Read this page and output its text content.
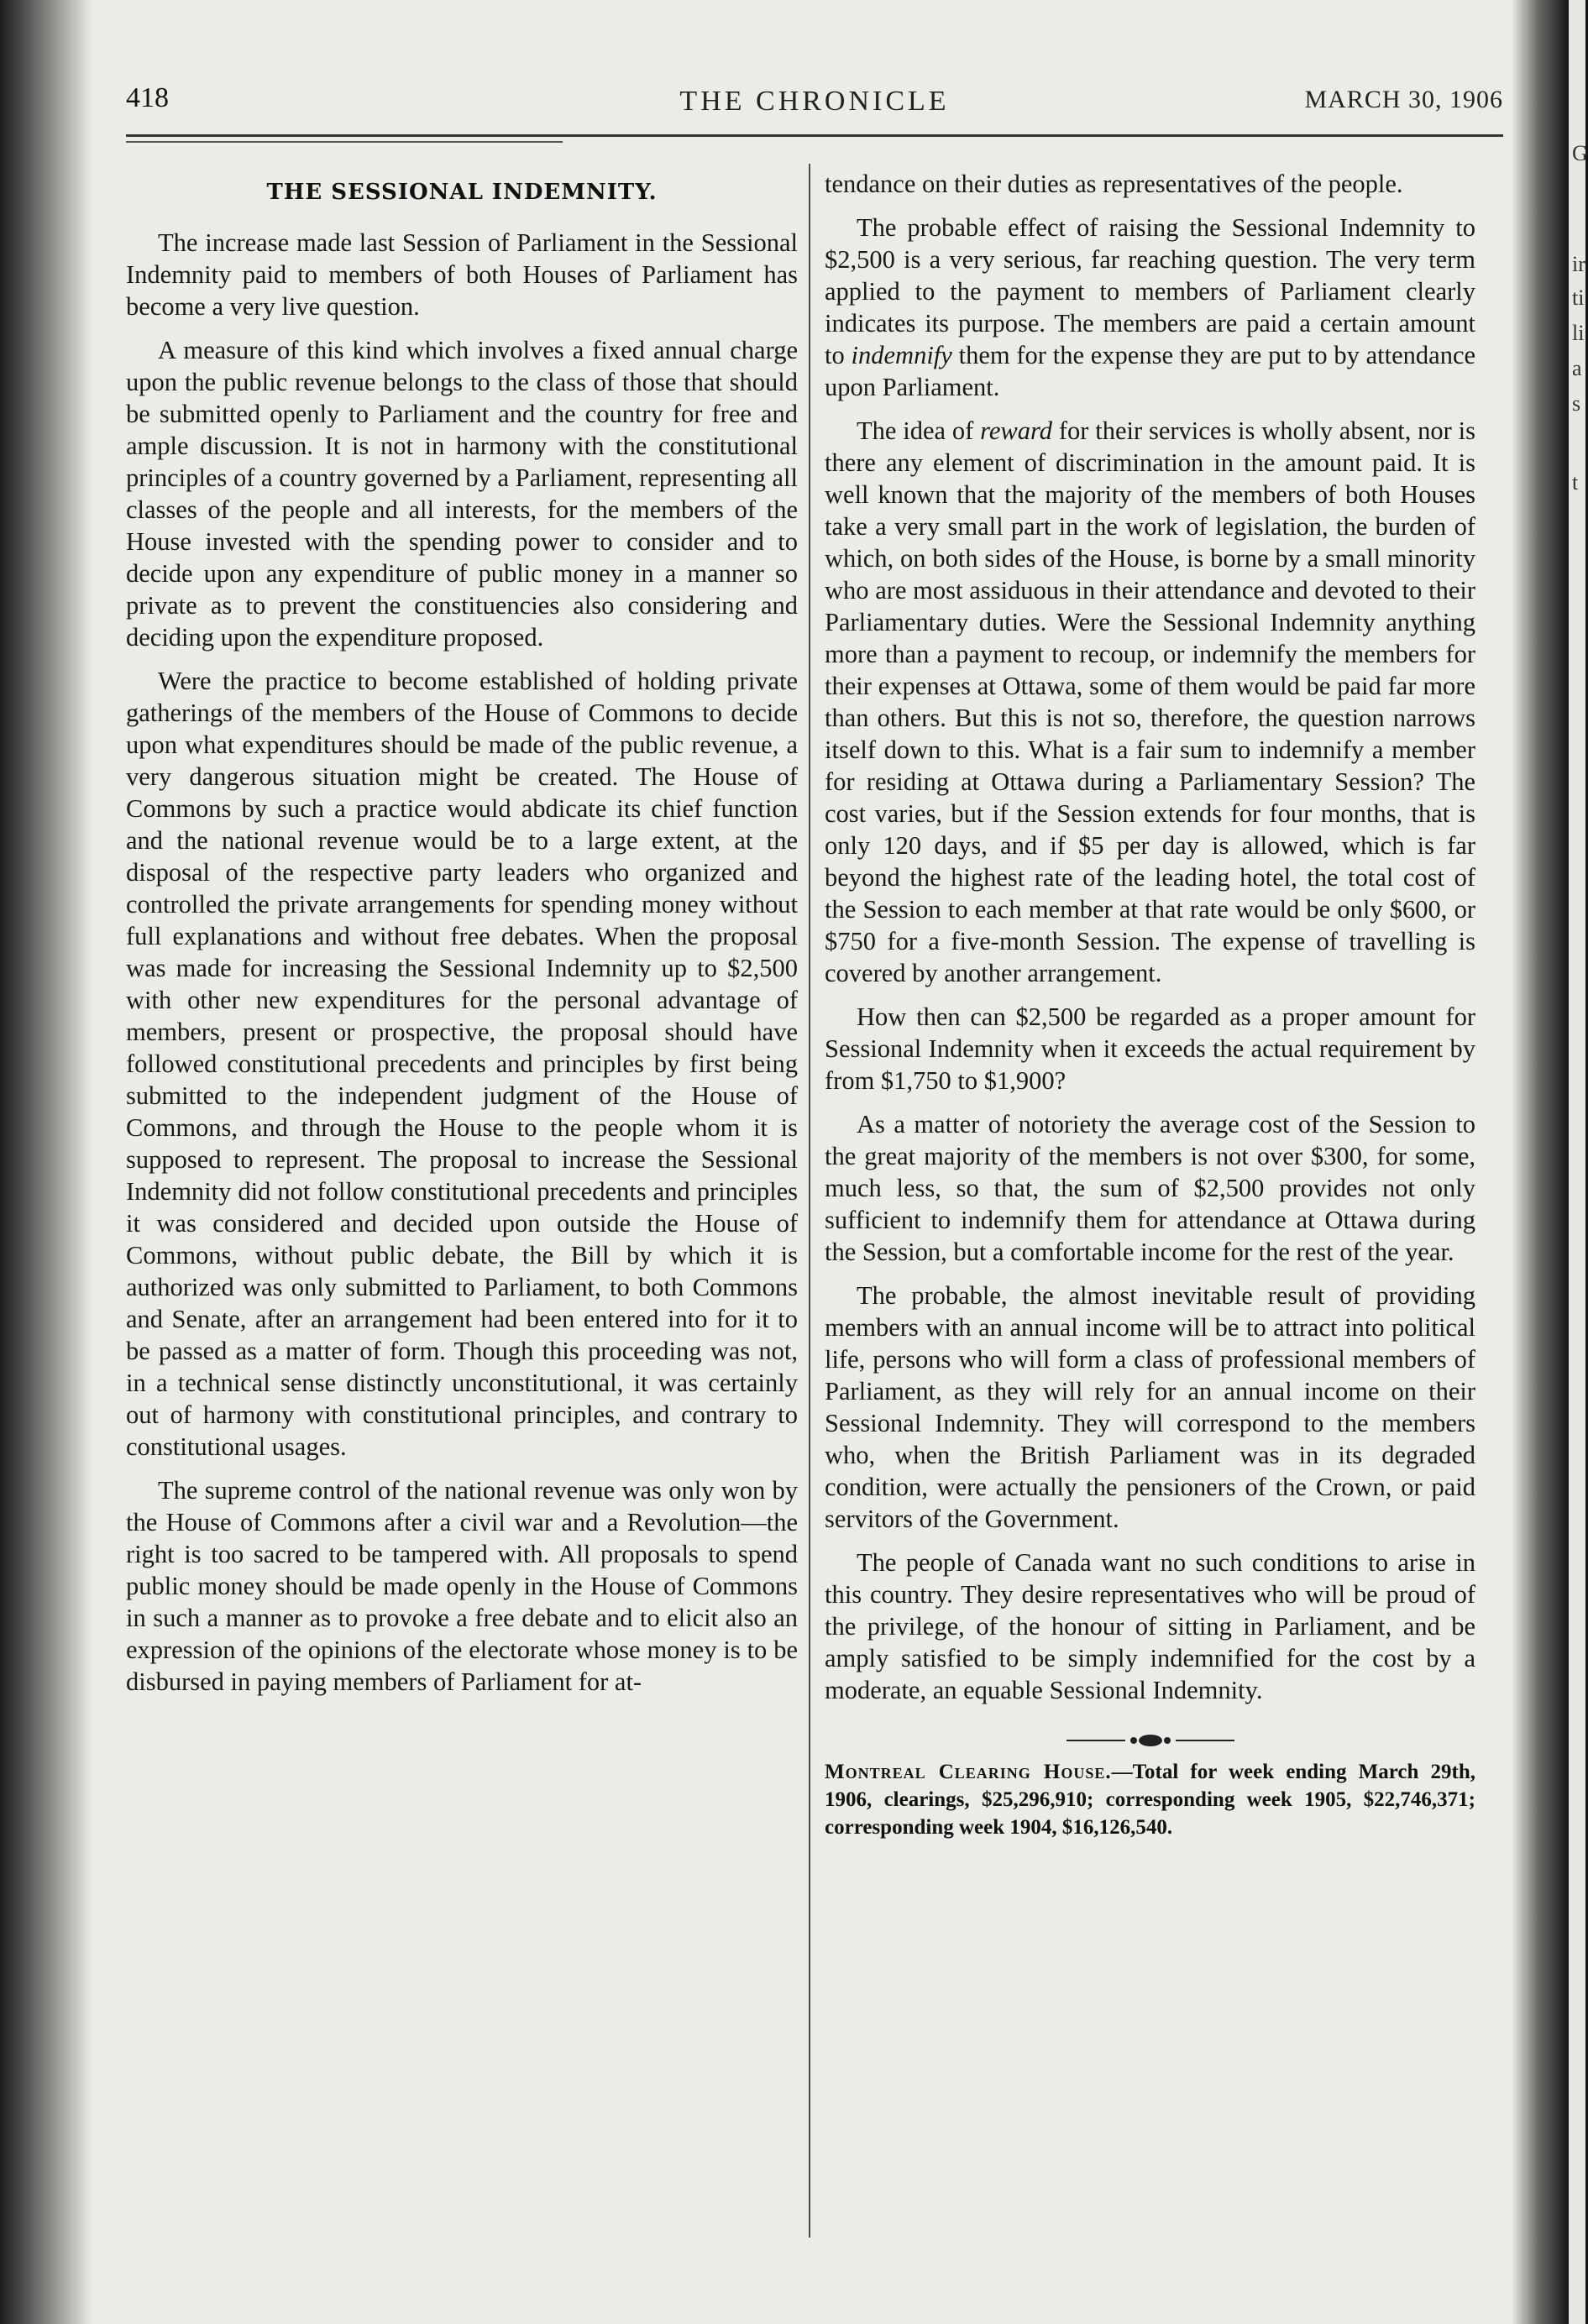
G
ir
ti
li
a
s
t
418	THE CHRONICLE	MARCH 30, 1906
THE SESSIONAL INDEMNITY.

The increase made last Session of Parliament in the Sessional Indemnity paid to members of both Houses of Parliament has become a very live question.

A measure of this kind which involves a fixed annual charge upon the public revenue belongs to the class of those that should be submitted openly to Parliament and the country for free and ample discussion. It is not in harmony with the constitutional principles of a country governed by a Parliament, representing all classes of the people and all interests, for the members of the House invested with the spending power to consider and to decide upon any expenditure of public money in a manner so private as to prevent the constituencies also considering and deciding upon the expenditure proposed.

Were the practice to become established of holding private gatherings of the members of the House of Commons to decide upon what expenditures should be made of the public revenue, a very dangerous situation might be created. The House of Commons by such a practice would abdicate its chief function and the national revenue would be to a large extent, at the disposal of the respective party leaders who organized and controlled the private arrangements for spending money without full explanations and without free debates. When the proposal was made for increasing the Sessional Indemnity up to $2,500 with other new expenditures for the personal advantage of members, present or prospective, the proposal should have followed constitutional precedents and principles by first being submitted to the independent judgment of the House of Commons, and through the House to the people whom it is supposed to represent. The proposal to increase the Sessional Indemnity did not follow constitutional precedents and principles it was considered and decided upon outside the House of Commons, without public debate, the Bill by which it is authorized was only submitted to Parliament, to both Commons and Senate, after an arrangement had been entered into for it to be passed as a matter of form. Though this proceeding was not, in a technical sense distinctly unconstitutional, it was certainly out of harmony with constitutional principles, and contrary to constitutional usages.

The supreme control of the national revenue was only won by the House of Commons after a civil war and a Revolution—the right is too sacred to be tampered with. All proposals to spend public money should be made openly in the House of Commons in such a manner as to provoke a free debate and to elicit also an expression of the opinions of the electorate whose money is to be disbursed in paying members of Parliament for at-

tendance on their duties as representatives of the people.

The probable effect of raising the Sessional Indemnity to $2,500 is a very serious, far reaching question. The very term applied to the payment to members of Parliament clearly indicates its purpose. The members are paid a certain amount to indemnify them for the expense they are put to by attendance upon Parliament.

The idea of reward for their services is wholly absent, nor is there any element of discrimination in the amount paid. It is well known that the majority of the members of both Houses take a very small part in the work of legislation, the burden of which, on both sides of the House, is borne by a small minority who are most assiduous in their attendance and devoted to their Parliamentary duties. Were the Sessional Indemnity anything more than a payment to recoup, or indemnify the members for their expenses at Ottawa, some of them would be paid far more than others. But this is not so, therefore, the question narrows itself down to this. What is a fair sum to indemnify a member for residing at Ottawa during a Parliamentary Session? The cost varies, but if the Session extends for four months, that is only 120 days, and if $5 per day is allowed, which is far beyond the highest rate of the leading hotel, the total cost of the Session to each member at that rate would be only $600, or $750 for a five-month Session. The expense of travelling is covered by another arrangement.

How then can $2,500 be regarded as a proper amount for Sessional Indemnity when it exceeds the actual requirement by from $1,750 to $1,900?

As a matter of notoriety the average cost of the Session to the great majority of the members is not over $300, for some, much less, so that, the sum of $2,500 provides not only sufficient to indemnify them for attendance at Ottawa during the Session, but a comfortable income for the rest of the year.

The probable, the almost inevitable result of providing members with an annual income will be to attract into political life, persons who will form a class of professional members of Parliament, as they will rely for an annual income on their Sessional Indemnity. They will correspond to the members who, when the British Parliament was in its degraded condition, were actually the pensioners of the Crown, or paid servitors of the Government.

The people of Canada want no such conditions to arise in this country. They desire representatives who will be proud of the privilege, of the honour of sitting in Parliament, and be amply satisfied to be simply indemnified for the cost by a moderate, an equable Sessional Indemnity.

Montreal Clearing House.—Total for week ending March 29th, 1906, clearings, $25,296,910; corresponding week 1905, $22,746,371; corresponding week 1904, $16,126,540.
